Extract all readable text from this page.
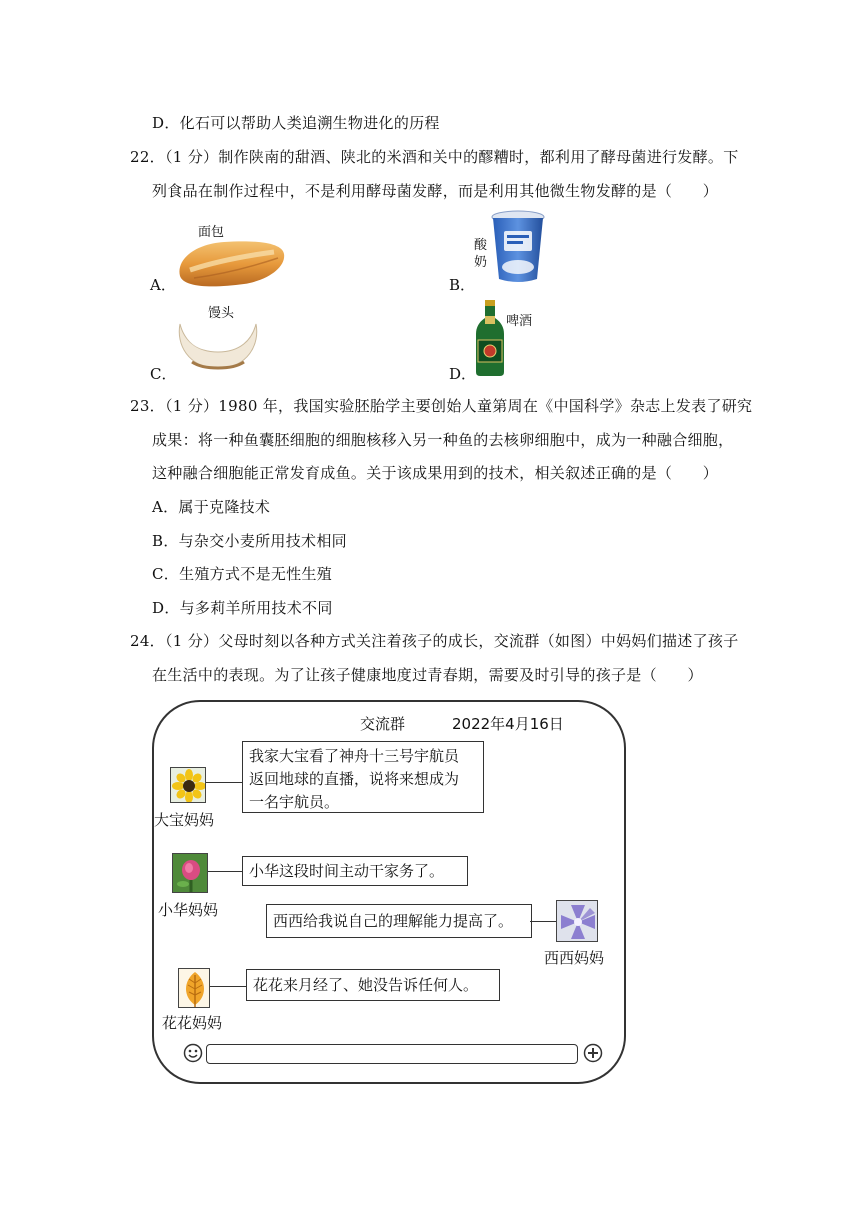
D．化石可以帮助人类追溯生物进化的历程
22．（1 分）制作陕南的甜酒、陕北的米酒和关中的醪糟时，都利用了酵母菌进行发酵。下
列食品在制作过程中，不是利用酵母菌发酵，而是利用其他微生物发酵的是（　　）
A．
面包
B．
酸
奶
C．
馒头
D．
啤酒
23．（1 分）1980 年，我国实验胚胎学主要创始人童第周在《中国科学》杂志上发表了研究
成果：将一种鱼囊胚细胞的细胞核移入另一种鱼的去核卵细胞中，成为一种融合细胞，
这种融合细胞能正常发育成鱼。关于该成果用到的技术，相关叙述正确的是（　　）
A．属于克隆技术
B．与杂交小麦所用技术相同
C．生殖方式不是无性生殖
D．与多莉羊所用技术不同
24．（1 分）父母时刻以各种方式关注着孩子的成长，交流群（如图）中妈妈们描述了孩子
在生活中的表现。为了让孩子健康地度过青春期，需要及时引导的孩子是（　　）
交流群	2022年4月16日
大宝妈妈
我家大宝看了神舟十三号宇航员
返回地球的直播，说将来想成为
一名宇航员。
小华妈妈
小华这段时间主动干家务了。
西西给我说自己的理解能力提高了。
西西妈妈
花花妈妈
花花来月经了、她没告诉任何人。
